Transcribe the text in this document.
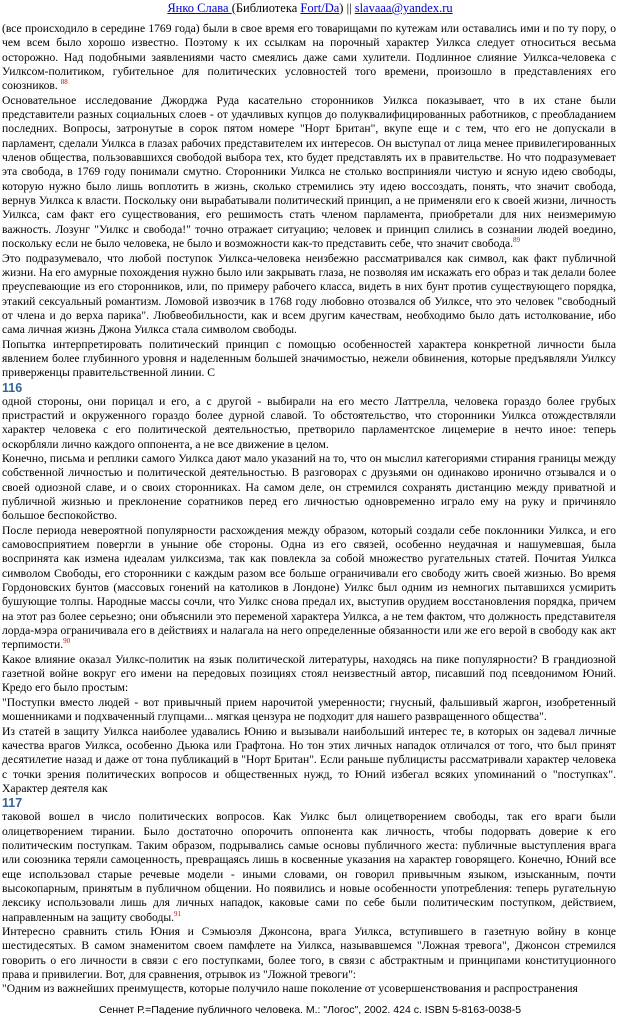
Янко Слава (Библиотека Fort/Da) || slavaaa@yandex.ru

(все происходило в середине 1769 года) были в свое время его товарищами по кутежам или оставались ими и по ту пору, о чем всем было хорошо известно. Поэтому к их ссылкам на порочный характер Уилкса следует относиться весьма осторожно. Над подобными заявлениями часто смеялись даже сами хулители. Подлинное слияние Уилкса-человека с Уилксом-политиком, губительное для политических условностей того времени, произошло в представлениях его союзников. $^{88}$

Основательное исследование Джорджа Руда касательно сторонников Уилкса показывает, что в их стане были представители разных социальных слоев - от удачливых купцов до полуквалифицированных работников, с преобладанием последних. Вопросы, затронутые в сорок пятом номере "Норт Британ", вкупе еще и с тем, что его не допускали в парламент, сделали Уилкса в глазах рабочих представителем их интересов. Он выступал от лица менее привилегированных членов общества, пользовавшихся свободой выбора тех, кто будет представлять их в правительстве. Но что подразумевает эта свобода, в 1769 году понимали смутно. Сторонники Уилкса не столько воспринияли чистую и ясную идею свободы, которую нужно было лишь воплотить в жизнь, сколько стремились эту идею воссоздать, понять, что значит свобода, вернув Уилкса к власти. Поскольку они вырабатывали политический принцип, а не применяли его к своей жизни, личность Уилкса, сам факт его существования, его решимость стать членом парламента, приобретали для них неизмеримую важность. Лозунг "Уилкс и свобода!" точно отражает ситуацию; человек и принцип слились в сознании людей воедино, поскольку если не было человека, не было и возможности как-то представить себе, что значит свобода.$^{89}$

Это подразумевало, что любой поступок Уилкса-человека неизбежно рассматривался как символ, как факт публичной жизни. На его амурные похождения нужно было или закрывать глаза, не позволяя им искажать его образ и так делали более преуспевающие из его сторонников, или, по примеру рабочего класса, видеть в них бунт против существующего порядка, этакий сексуальный романтизм. Ломовой извозчик в 1768 году любовно отозвался об Уилксе, что это человек "свободный от члена и до верха парика". Любвеобильности, как и всем другим качествам, необходимо было дать истолкование, ибо сама личная жизнь Джона Уилкса стала символом свободы.

Попытка интерпретировать политический принцип с помощью особенностей характера конкретной личности была явлением более глубинного уровня и наделенным большей значимостью, нежели обвинения, которые предъявляли Уилксу приверженцы правительственной линии. С

116

одной стороны, они порицал и его, а с другой - выбирали на его место Латтрелла, человека гораздо более грубых пристрастий и окруженного гораздо более дурной славой. То обстоятельство, что сторонники Уилкса отождествляли характер человека с его политической деятельностью, претворило парламентское лицемерие в нечто иное: теперь оскорбляли лично каждого оппонента, а не все движение в целом.

Конечно, письма и реплики самого Уилкса дают мало указаний на то, что он мыслил категориями стирания границы между собственной личностью и политической деятельностью. В разговорах с друзьями он одинаково иронично отзывался и о своей одиозной славе, и о своих сторонниках. На самом деле, он стремился сохранять дистанцию между приватной и публичной жизнью и преклонение соратников перед его личностью одновременно играло ему на руку и причиняло большое беспокойство.

После периода невероятной популярности расхождения между образом, который создали себе поклонники Уилкса, и его самовосприятием повергли в уныние обе стороны. Одна из его связей, особенно неудачная и нашумевшая, была воспринята как измена идеалам уилксизма, так как повлекла за собой множество ругательных статей. Почитая Уилкса символом Свободы, его сторонники с каждым разом все больше ограничивали его свободу жить своей жизнью. Во время Гордоновских бунтов (массовых гонений на католиков в Лондоне) Уилкс был одним из немногих пытавшихся усмирить бушующие толпы. Народные массы сочли, что Уилкс снова предал их, выступив орудием восстановления порядка, причем на этот раз более серьезно; они объяснили это переменой характера Уилкса, а не тем фактом, что должность представителя лорда-мэра ограничивала его в действиях и налагала на него определенные обязанности или же его верой в свободу как акт терпимости.$^{90}$

Какое влияние оказал Уилкс-политик на язык политической литературы, находясь на пике популярности? В грандиозной газетной войне вокруг его имени на передовых позициях стоял неизвестный автор, писавший под псевдонимом Юний. Кредо его было простым:

"Поступки вместо людей - вот привычный прием нарочитой умеренности; гнусный, фальшивый жаргон, изобретенный мошенниками и подхваченный глупцами... мягкая цензура не подходит для нашего развращенного общества".

Из статей в защиту Уилкса наиболее удавались Юнию и вызывали наибольший интерес те, в которых он задевал личные качества врагов Уилкса, особенно Дьюка или Графтона. Но тон этих личных нападок отличался от того, что был принят десятилетие назад и даже от тона публикаций в "Норт Британ". Если раньше публицисты рассматривали характер человека с точки зрения политических вопросов и общественных нужд, то Юний избегал всяких упоминаний о "поступках". Характер деятеля как

117

таковой вошел в число политических вопросов. Как Уилкс был олицетворением свободы, так его враги были олицетворением тирании. Было достаточно опорочить оппонента как личность, чтобы подорвать доверие к его политическим поступкам. Таким образом, подрывались самые основы публичного жеста: публичные выступления врага или союзника теряли самоценность, превращаясь лишь в косвенные указания на характер говорящего. Конечно, Юний все еще использовал старые речевые модели - иными словами, он говорил привычным языком, изысканным, почти высокопарным, принятым в публичном общении. Но появились и новые особенности употребления: теперь ругательную лексику использовали лишь для личных нападок, каковые сами по себе были политическим поступком, действием, направленным на защиту свободы.$^{91}$

Интересно сравнить стиль Юния и Сэмьюэля Джонсона, врага Уилкса, вступившего в газетную войну в конце шестидесятых. В самом знаменитом своем памфлете на Уилкса, называвшемся "Ложная тревога", Джонсон стремился говорить о его личности в связи с его поступками, более того, в связи с абстрактным и принципами конституционного права и привилегии. Вот, для сравнения, отрывок из "Ложной тревоги":

"Одним из важнейших преимуществ, которые получило наше поколение от усовершенствования и распространения

Сеннет Р.=Падение публичного человека. М.: "Логос", 2002. 424 с. ISBN 5-8163-0038-5
